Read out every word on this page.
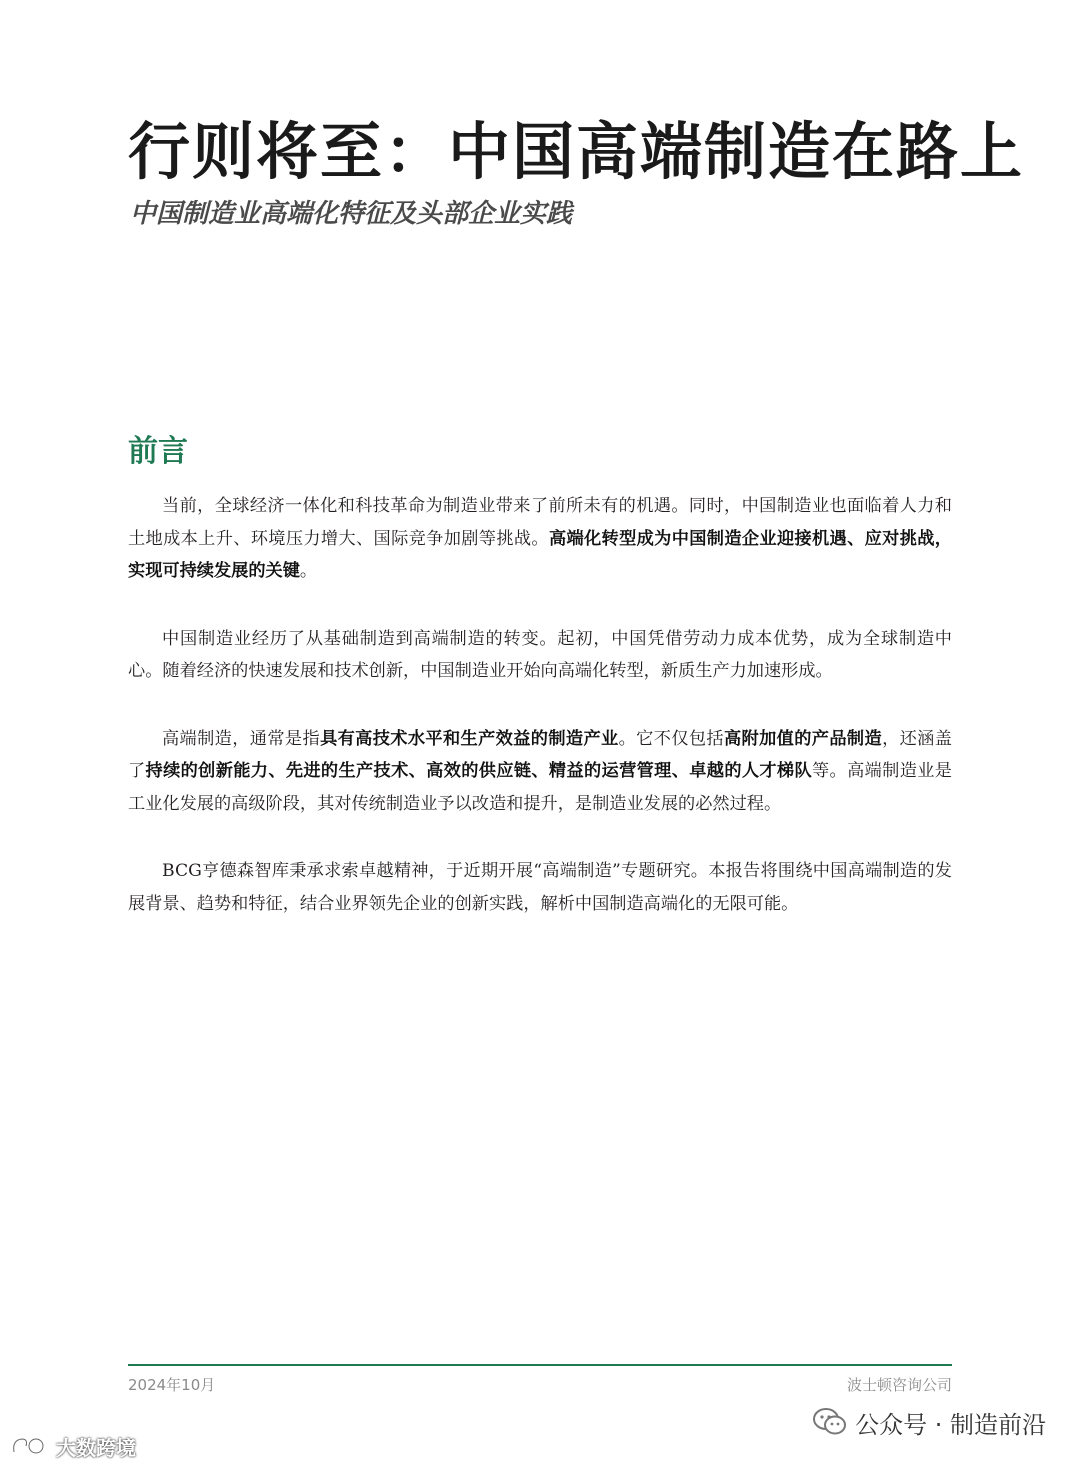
行则将至：中国高端制造在路上
中国制造业高端化特征及头部企业实践
前言

当前，全球经济一体化和科技革命为制造业带来了前所未有的机遇。同时，中国制造业也面临着人力和土地成本上升、环境压力增大、国际竞争加剧等挑战。高端化转型成为中国制造企业迎接机遇、应对挑战，实现可持续发展的关键。

中国制造业经历了从基础制造到高端制造的转变。起初，中国凭借劳动力成本优势，成为全球制造中心。随着经济的快速发展和技术创新，中国制造业开始向高端化转型，新质生产力加速形成。

高端制造，通常是指具有高技术水平和生产效益的制造产业。它不仅包括高附加值的产品制造，还涵盖了持续的创新能力、先进的生产技术、高效的供应链、精益的运营管理、卓越的人才梯队等。高端制造业是工业化发展的高级阶段，其对传统制造业予以改造和提升，是制造业发展的必然过程。

BCG亨德森智库秉承求索卓越精神，于近期开展“高端制造”专题研究。本报告将围绕中国高端制造的发展背景、趋势和特征，结合业界领先企业的创新实践，解析中国制造高端化的无限可能。

2024年10月	波士顿咨询公司
公众号 · 制造前沿
大数跨境
